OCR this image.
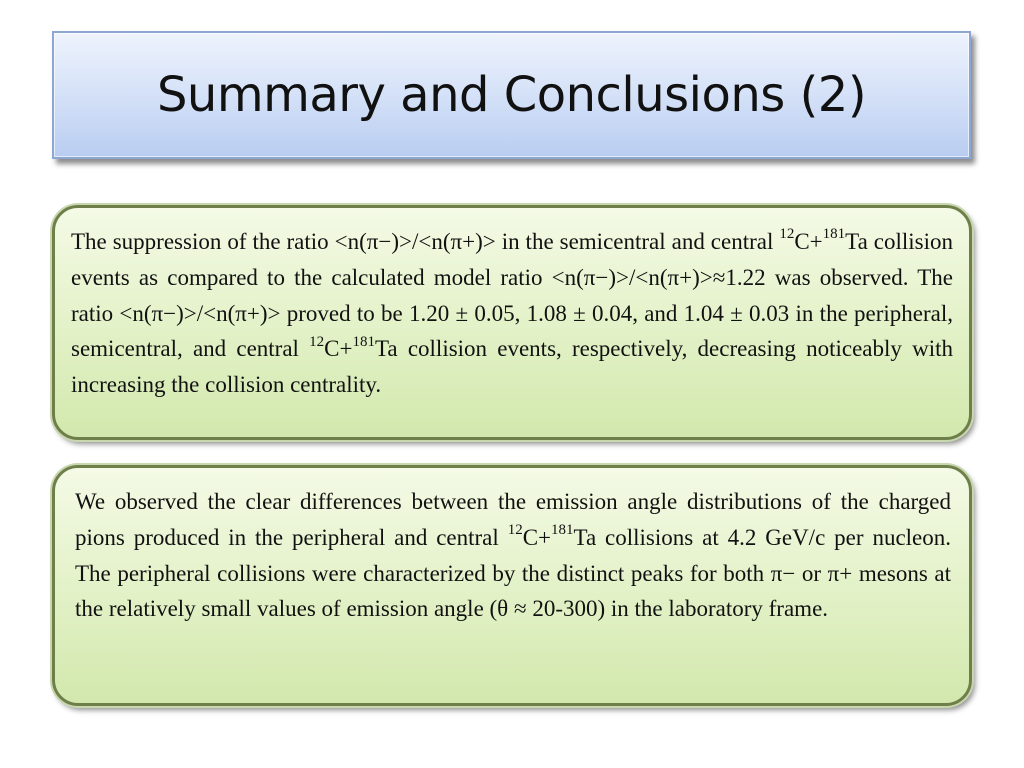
Summary and Conclusions (2)

The suppression of the ratio <n(π−)>/<n(π+)> in the semicentral and central $^{12}$C+$^{181}$Ta collision events as compared to the calculated model ratio <n(π−)>/<n(π+)>≈1.22 was observed. The ratio <n(π−)>/<n(π+)> proved to be 1.20 ± 0.05, 1.08 ± 0.04, and 1.04 ± 0.03 in the peripheral, semicentral, and central $^{12}$C+$^{181}$Ta collision events, respectively, decreasing noticeably with increasing the collision centrality.

We observed the clear differences between the emission angle distributions of the charged pions produced in the peripheral and central $^{12}$C+$^{181}$Ta collisions at 4.2 GeV/c per nucleon. The peripheral collisions were characterized by the distinct peaks for both π− or π+ mesons at the relatively small values of emission angle (θ ≈ 20-300) in the laboratory frame.
